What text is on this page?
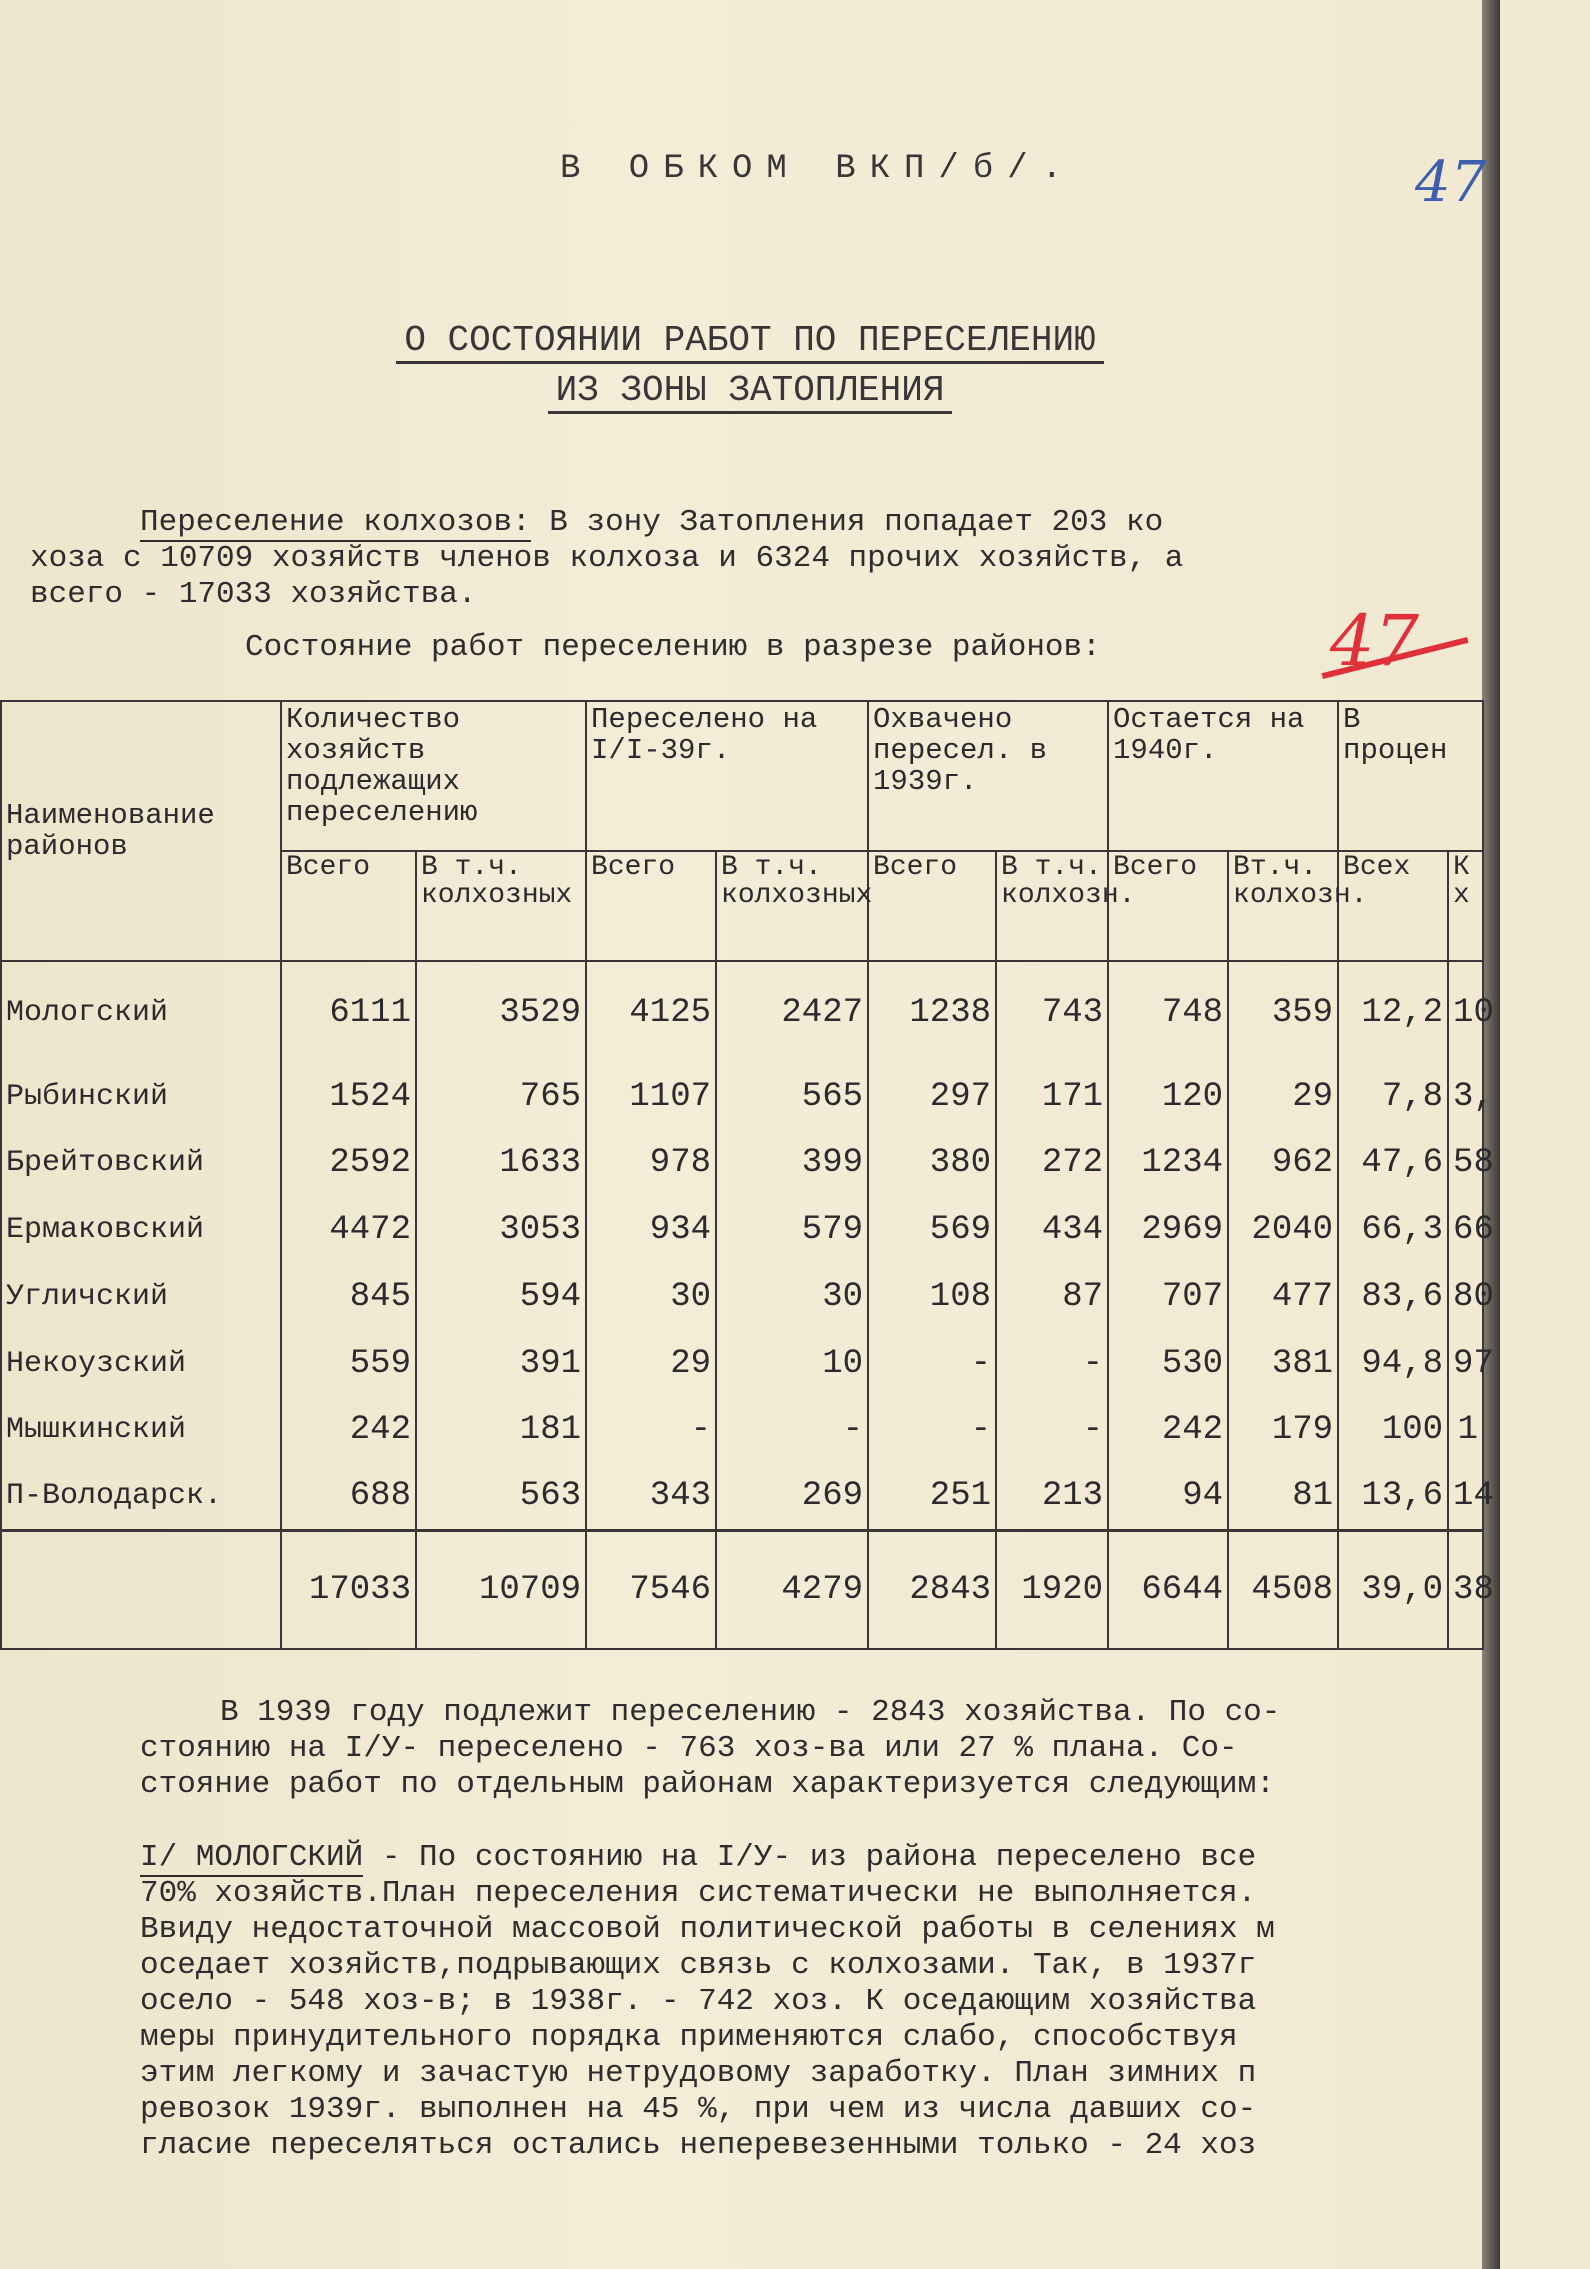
В ОБКОМ ВКП/б/.	47
О СОСТОЯНИИ РАБОТ ПО ПЕРЕСЕЛЕНИЮ
ИЗ ЗОНЫ ЗАТОПЛЕНИЯ
Переселение колхозов: В зону Затопления попадает 203 ко
хоза с 10709 хозяйств членов колхоза и 6324 прочих хозяйств, а
всего - 17033 хозяйства.
Состояние работ переселению в разрезе районов:	47
Наименование районов	Количество хозяйств подлежащих переселению		Переселено на I/I-39г.		Охвачено пересел. в 1939г.		Остается на 1940г.		В процен	
	Всего	В т.ч. колхозных	Всего	В т.ч. колхозных	Всего	В т.ч. колхозн.	Всего	Вт.ч. колхозн.	Всех	К х
Мологский	6111	3529	4125	2427	1238	743	748	359	12,2	10
Рыбинский	1524	765	1107	565	297	171	120	29	7,8	3,
Брейтовский	2592	1633	978	399	380	272	1234	962	47,6	58
Ермаковский	4472	3053	934	579	569	434	2969	2040	66,3	66
Угличский	845	594	30	30	108	87	707	477	83,6	80
Некоузский	559	391	29	10	-	-	530	381	94,8	97
Мышкинский	242	181	-	-	-	-	242	179	100	1
П-Володарск.	688	563	343	269	251	213	94	81	13,6	14
	17033	10709	7546	4279	2843	1920	6644	4508	39,0	38
В 1939 году подлежит переселению - 2843 хозяйства. По со-
стоянию на I/У- переселено - 763 хоз-ва или 27 % плана. Со-
стояние работ по отдельным районам характеризуется следующим:
I/ МОЛОГСКИЙ - По состоянию на I/У- из района переселено все
70% хозяйств.План переселения систематически не выполняется.
Ввиду недостаточной массовой политической работы в селениях м
оседает хозяйств,подрывающих связь с колхозами. Так, в 1937г
осело - 548 хоз-в; в 1938г. - 742 хоз. К оседающим хозяйства
меры принудительного порядка применяются слабо, способствуя
этим легкому и зачастую нетрудовому заработку. План зимних п
ревозок 1939г. выполнен на 45 %, при чем из числа давших со-
гласие переселяться остались неперевезенными только - 24 хоз
